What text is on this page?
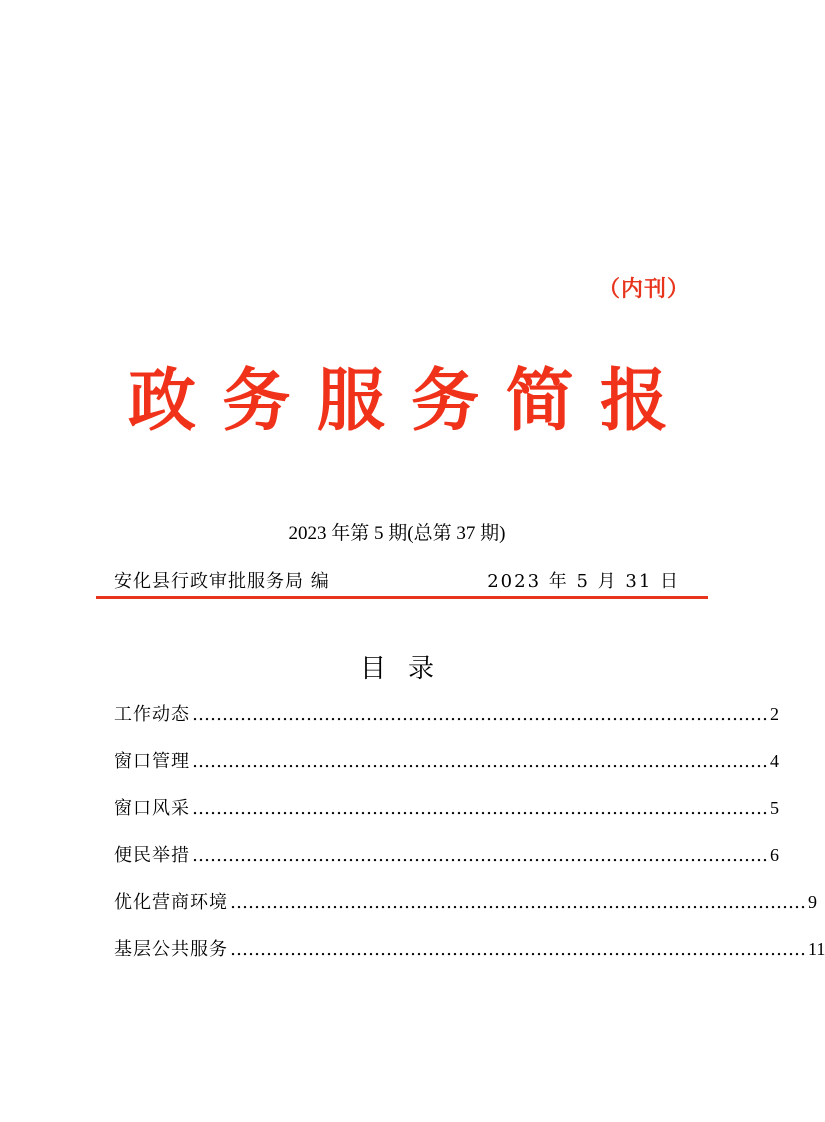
（内刊）
政 务 服 务 简 报
2023 年第 5 期(总第 37 期)
安化县行政审批服务局 编	2023 年 5 月 31 日
目录
工作动态 …………………………………………………………………………………… 2
窗口管理 …………………………………………………………………………………… 4
窗口风采 …………………………………………………………………………………… 5
便民举措 …………………………………………………………………………………… 6
优化营商环境 …………………………………………………………………………………… 9
基层公共服务 …………………………………………………………………………………… 11
